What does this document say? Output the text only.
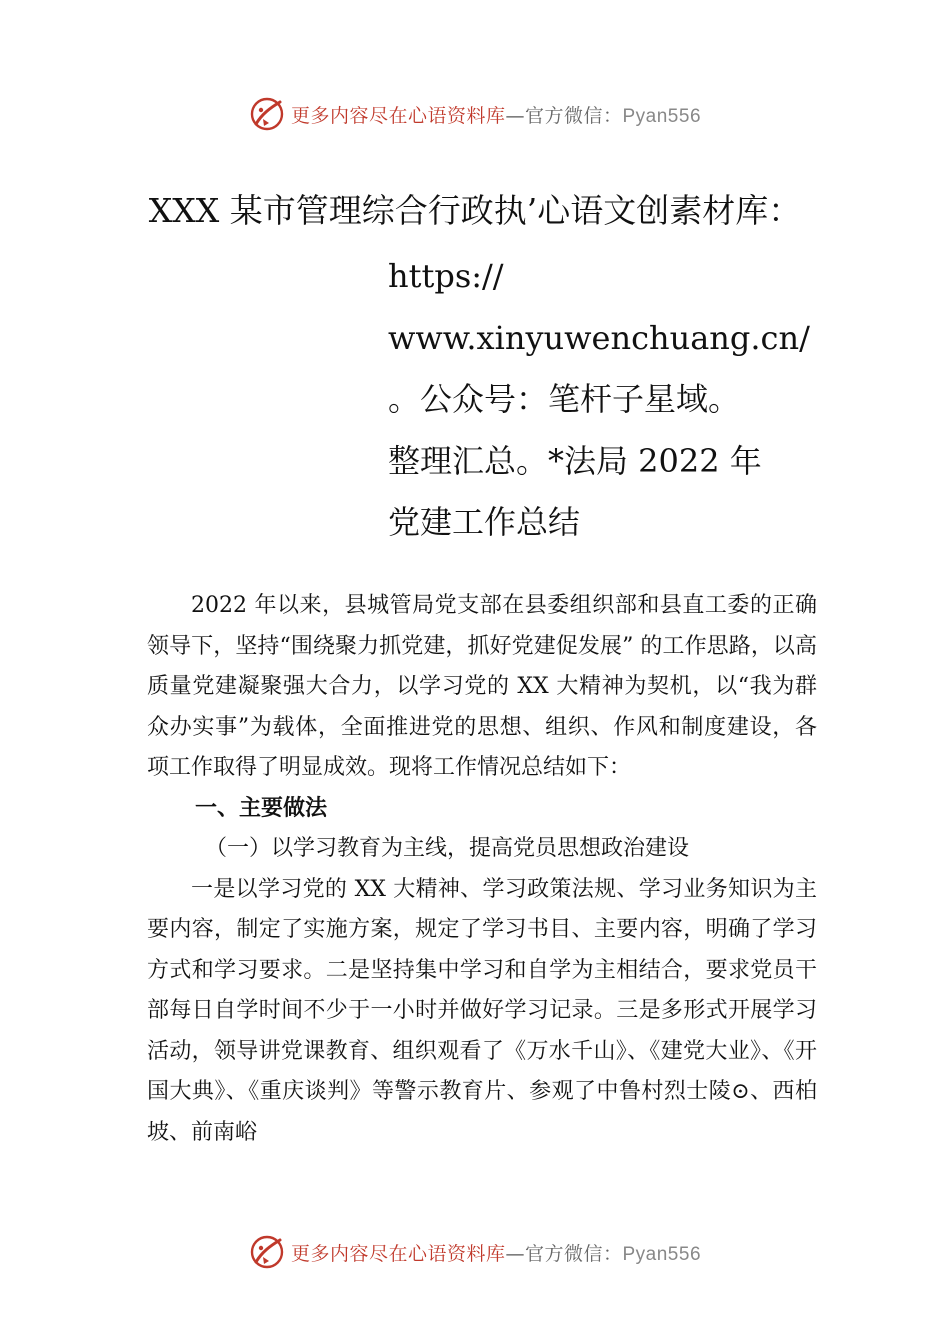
更多内容尽在心语资料库—官方微信：Pyan556
XXX 某市管理综合行政执’心语文创素材库：
https://
www.xinyuwenchuang.cn/
。公众号：笔杆子星域。
整理汇总。*法局 2022 年
党建工作总结

2022 年以来，县城管局党支部在县委组织部和县直工委的正确领导下，坚持“围绕聚力抓党建，抓好党建促发展” 的工作思路，以高质量党建凝聚强大合力，以学习党的 XX 大精神为契机，以“我为群众办实事”为载体，全面推进党的思想、组织、作风和制度建设，各项工作取得了明显成效。现将工作情况总结如下：

一、主要做法

（一）以学习教育为主线，提高党员思想政治建设

一是以学习党的 XX 大精神、学习政策法规、学习业务知识为主要内容，制定了实施方案，规定了学习书目、主要内容，明确了学习方式和学习要求。二是坚持集中学习和自学为主相结合，要求党员干部每日自学时间不少于一小时并做好学习记录。三是多形式开展学习活动，领导讲党课教育、组织观看了《万水千山》、《建党大业》、《开国大典》、《重庆谈判》等警示教育片、参观了中鲁村烈士陵⊙、西柏坡、前南峪

更多内容尽在心语资料库—官方微信：Pyan556
